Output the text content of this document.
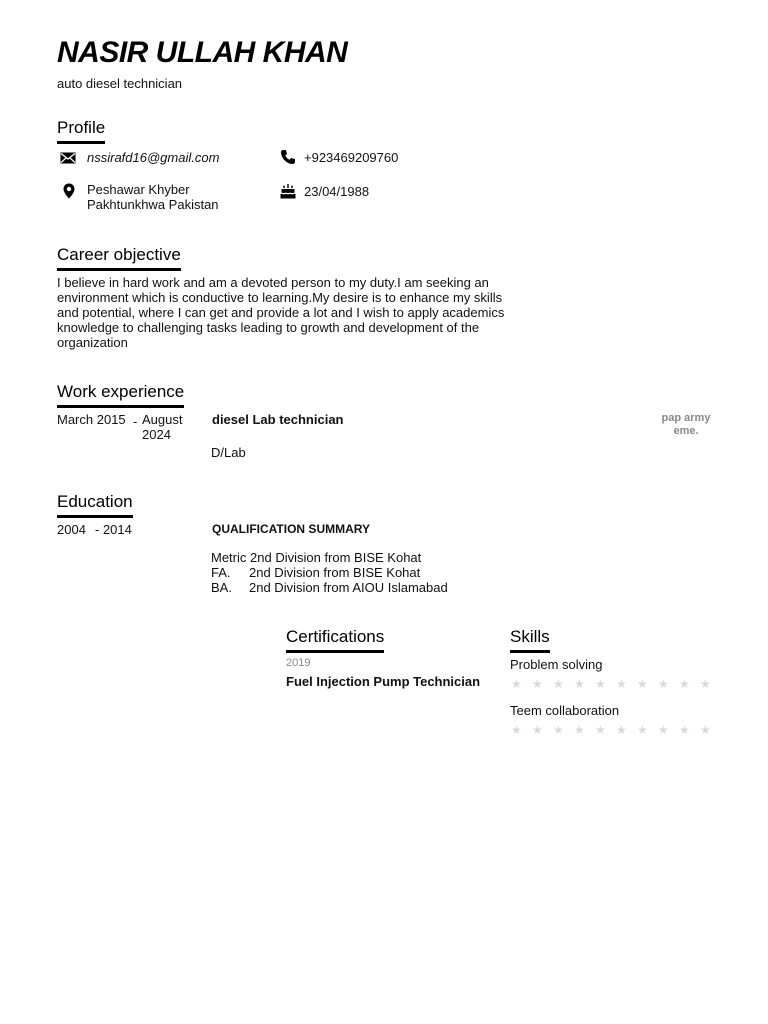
NASIR ULLAH KHAN
auto diesel technician
Profile
nssirafd16@gmail.com	+923469209760
Peshawar Khyber
Pakhtunkhwa Pakistan
23/04/1988
Career objective
I believe in hard work and am a devoted person to my duty.I am seeking an
environment which is conductive to learning.My desire is to enhance my skills
and potential, where I can get and provide a lot and I wish to apply academics
knowledge to challenging tasks leading to growth and development of the
organization
Work experience
March 2015 - August
2024
diesel Lab technician
D/Lab
pap army
eme.
Education
2004 - 2014	QUALIFICATION SUMMARY
Metric 2nd Division from BISE Kohat
FA. 2nd Division from BISE Kohat
BA. 2nd Division from AIOU Islamabad
Certifications
2019
Fuel Injection Pump Technician
Skills
Problem solving
★ ★ ★ ★ ★ ★ ★ ★ ★ ★
Teem collaboration
★ ★ ★ ★ ★ ★ ★ ★ ★ ★
